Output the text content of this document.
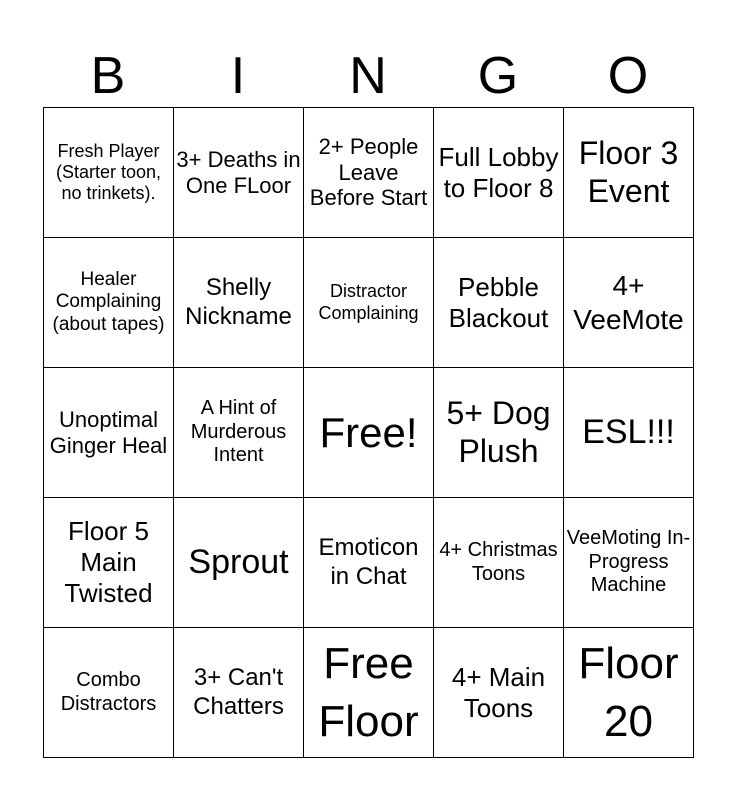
B	I	N	G	O
Fresh Player (Starter toon, no trinkets).	3+ Deaths in One FLoor	2+ People Leave Before Start	Full Lobby to Floor 8	Floor 3 Event
Healer Complaining (about tapes)	Shelly Nickname	Distractor Complaining	Pebble Blackout	4+ VeeMote
Unoptimal Ginger Heal	A Hint of Murderous Intent	Free!	5+ Dog Plush	ESL!!!
Floor 5 Main Twisted	Sprout	Emoticon in Chat	4+ Christmas Toons	VeeMoting In-Progress Machine
Combo Distractors	3+ Can't Chatters	Free Floor	4+ Main Toons	Floor 20
